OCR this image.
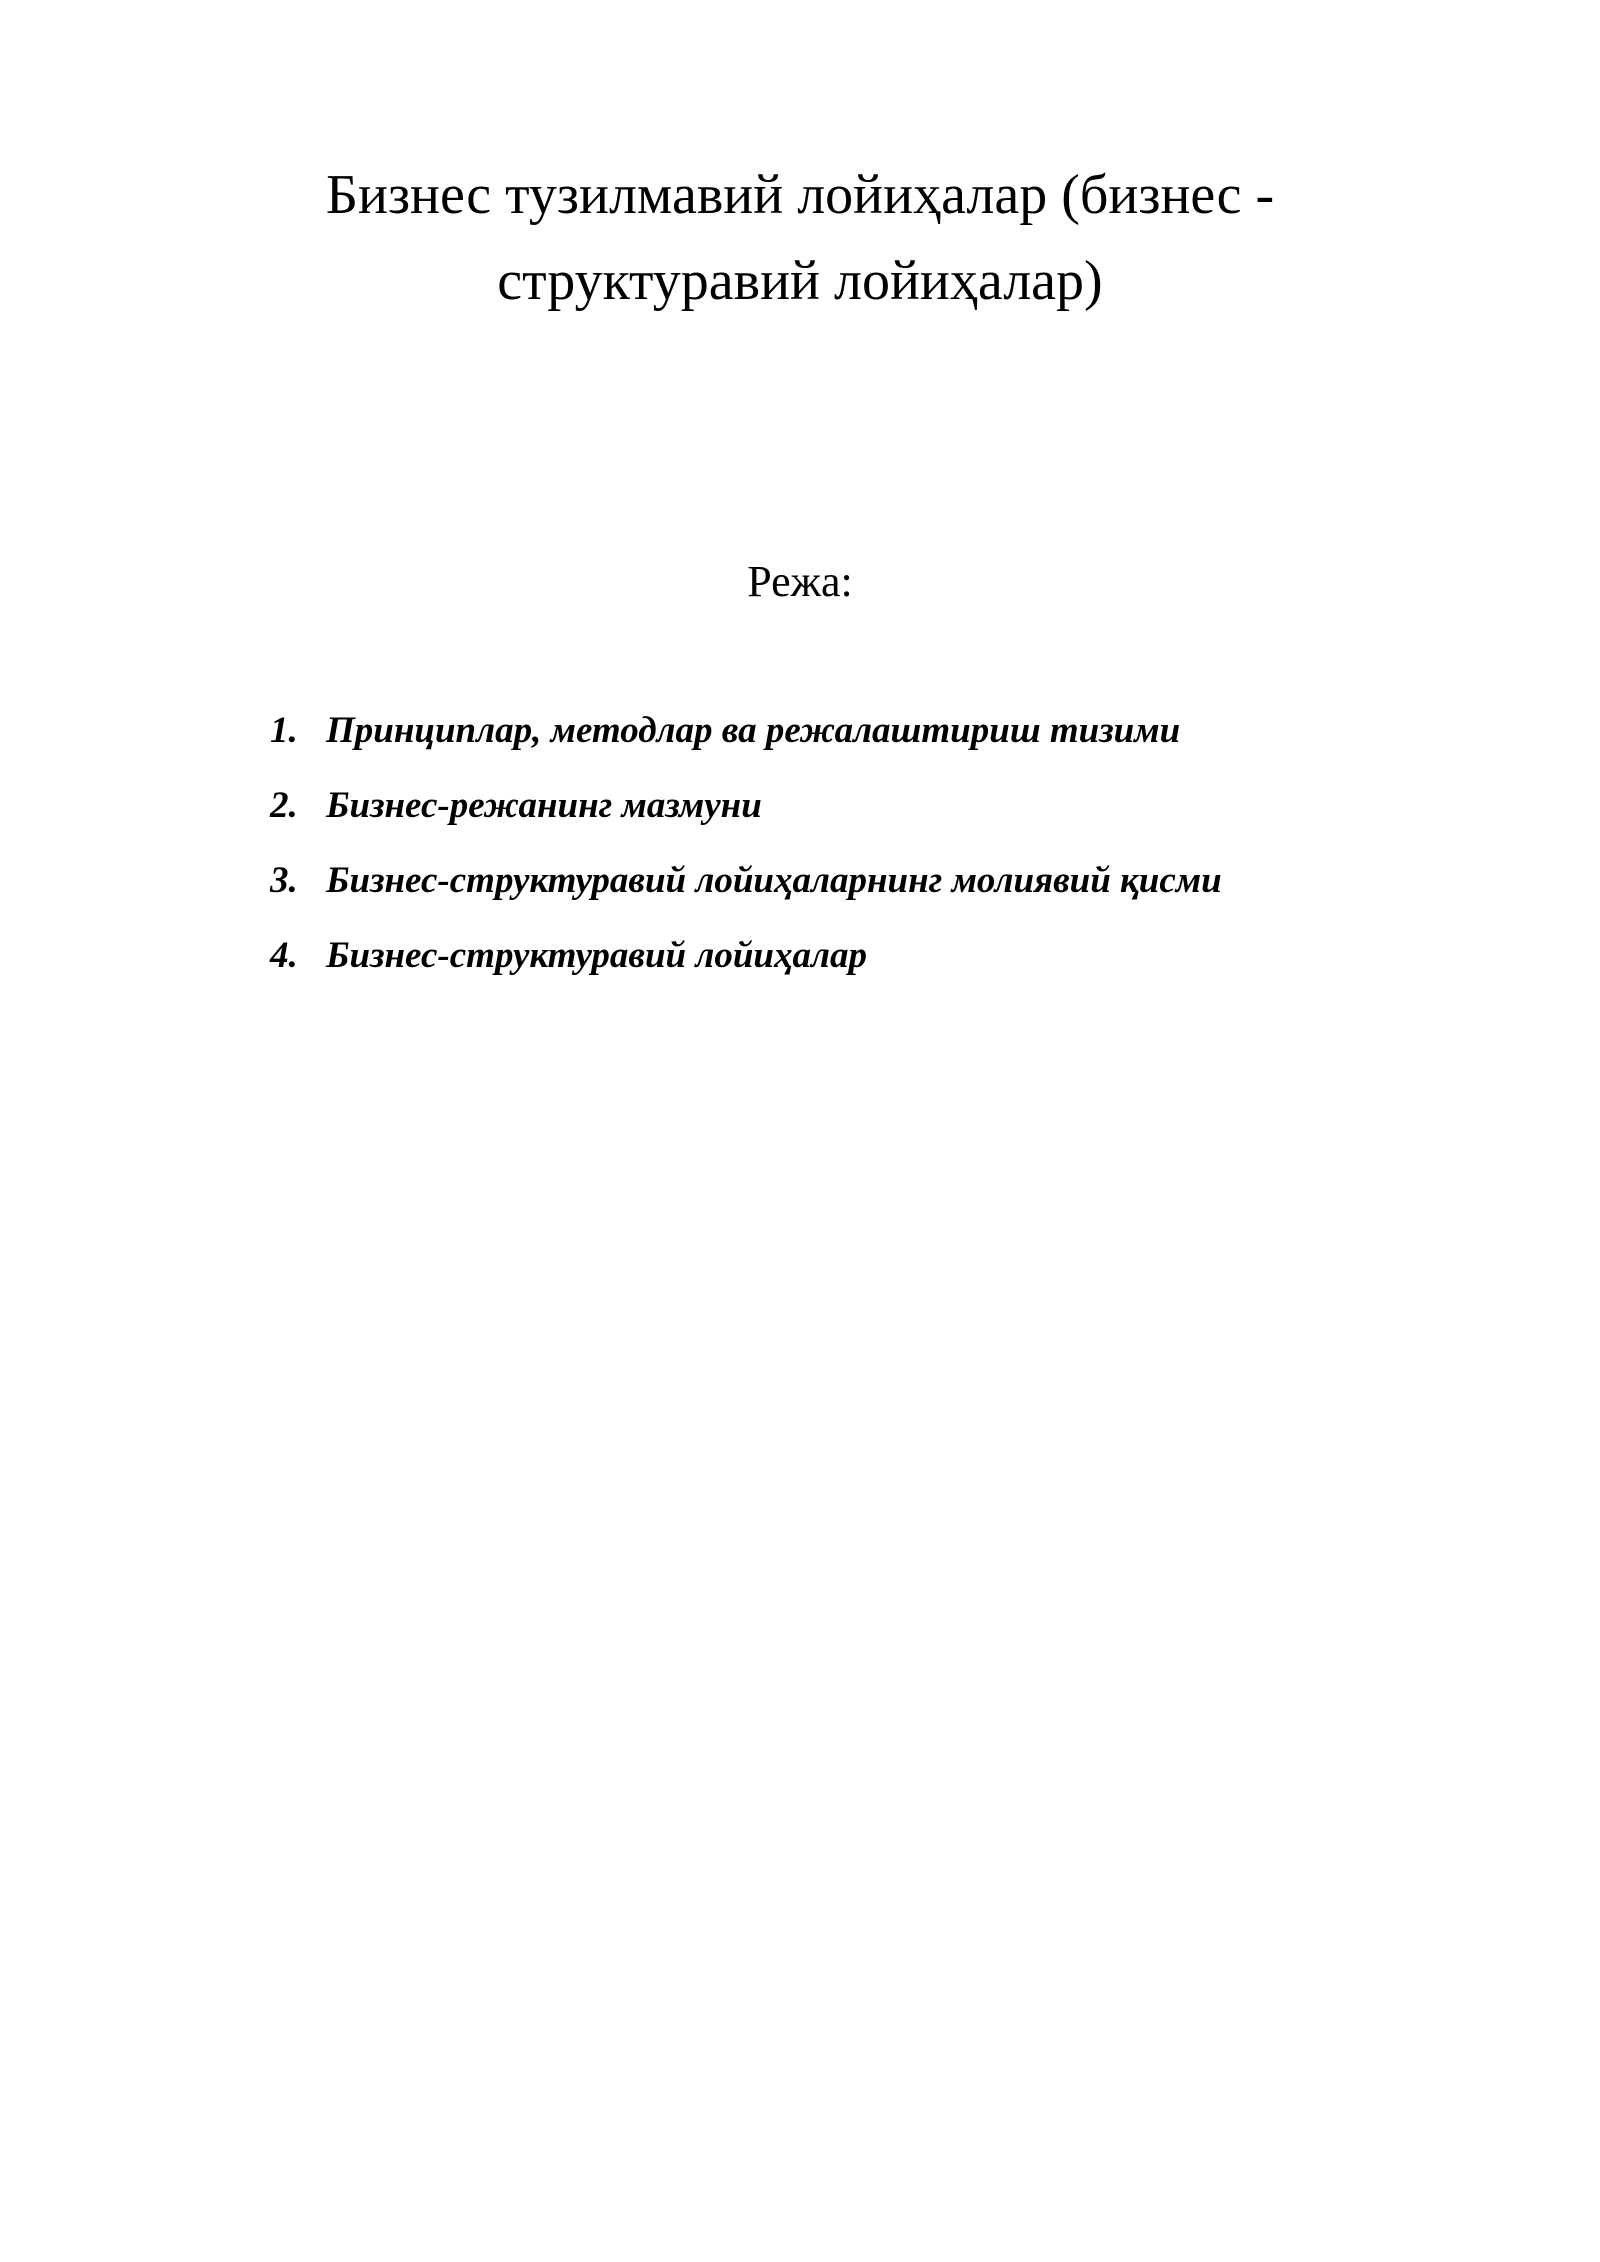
Бизнес тузилмавий лойиҳалар (бизнес -
структуравий лойиҳалар)
Режа:
1. Принциплар, методлар ва режалаштириш тизими
2. Бизнес-режанинг мазмуни
3. Бизнес-структуравий лойиҳаларнинг молиявий қисми
4. Бизнес-структуравий лойиҳалар
